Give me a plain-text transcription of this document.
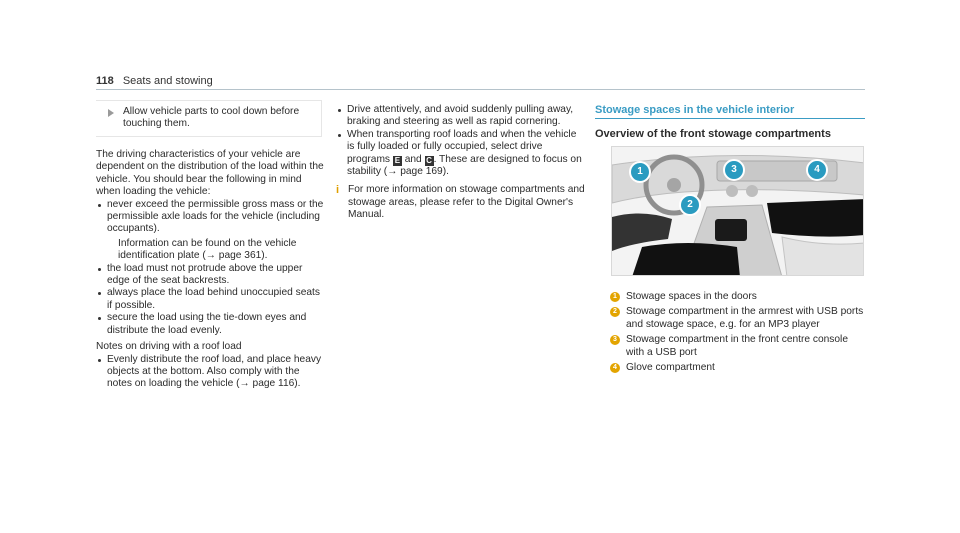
118 Seats and stowing
Allow vehicle parts to cool down before touching them.

The driving characteristics of your vehicle are dependent on the distribution of the load within the vehicle. You should bear the following in mind when loading the vehicle:

never exceed the permissible gross mass or the permissible axle loads for the vehicle (including occupants).

Information can be found on the vehicle identification plate (→ page 361).

the load must not protrude above the upper edge of the seat backrests.
always place the load behind unoccupied seats if possible.
secure the load using the tie-down eyes and distribute the load evenly.

Notes on driving with a roof load

Evenly distribute the roof load, and place heavy objects at the bottom. Also comply with the notes on loading the vehicle (→ page 116).
Drive attentively, and avoid suddenly pulling away, braking and steering as well as rapid cornering.
When transporting roof loads and when the vehicle is fully loaded or fully occupied, select drive programs E and C . These are designed to focus on stability (→ page 169).
i For more information on stowage compartments and stowage areas, please refer to the Digital Owner's Manual.
Stowage spaces in the vehicle interior
Overview of the front stowage compartments
1
2
3	4
1 Stowage spaces in the doors
2 Stowage compartment in the armrest with USB ports and stowage space, e.g. for an MP3 player
3 Stowage compartment in the front centre console with a USB port
4 Glove compartment
